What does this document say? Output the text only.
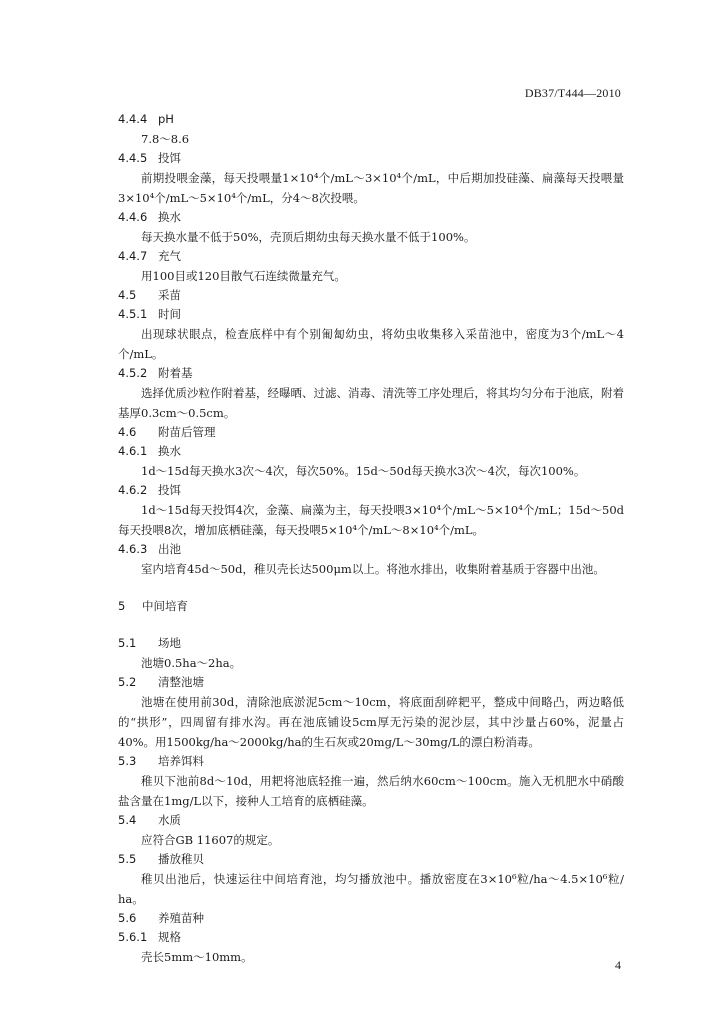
DB37/T444—2010
4.4.4 pH

7.8～8.6

4.4.5 投饵

前期投喂金藻，每天投喂量1×10⁴个/mL～3×10⁴个/mL，中后期加投硅藻、扁藻每天投喂量3×10⁴个/mL～5×10⁴个/mL，分4～8次投喂。

4.4.6 换水

每天换水量不低于50%，壳顶后期幼虫每天换水量不低于100%。

4.4.7 充气

用100目或120目散气石连续微量充气。

4.5 采苗
4.5.1 时间

出现球状眼点，检查底样中有个别匍匐幼虫，将幼虫收集移入采苗池中，密度为3个/mL～4个/mL。

4.5.2 附着基

选择优质沙粒作附着基，经曝晒、过滤、消毒、清洗等工序处理后，将其均匀分布于池底，附着基厚0.3cm～0.5cm。

4.6 附苗后管理
4.6.1 换水

1d～15d每天换水3次～4次，每次50%。15d～50d每天换水3次～4次，每次100%。

4.6.2 投饵

1d～15d每天投饵4次，金藻、扁藻为主，每天投喂3×10⁴个/mL～5×10⁴个/mL；15d～50d每天投喂8次，增加底栖硅藻，每天投喂5×10⁴个/mL～8×10⁴个/mL。

4.6.3 出池

室内培育45d～50d，稚贝壳长达500μm以上。将池水排出，收集附着基质于容器中出池。

5 中间培育
5.1 场地

池塘0.5ha～2ha。

5.2 清整池塘

池塘在使用前30d，清除池底淤泥5cm～10cm，将底面刮碎耙平，整成中间略凸，两边略低的“拱形”，四周留有排水沟。再在池底铺设5cm厚无污染的泥沙层，其中沙量占60%，泥量占40%。用1500kg/ha～2000kg/ha的生石灰或20mg/L～30mg/L的漂白粉消毒。

5.3 培养饵料

稚贝下池前8d～10d，用耙将池底轻推一遍，然后纳水60cm～100cm。施入无机肥水中硝酸盐含量在1mg/L以下，接种人工培育的底栖硅藻。

5.4 水质

应符合GB 11607的规定。

5.5 播放稚贝

稚贝出池后，快速运往中间培育池，均匀播放池中。播放密度在3×10⁶粒/ha～4.5×10⁶粒/ ha。

5.6 养殖苗种
5.6.1 规格

壳长5mm～10mm。

4
